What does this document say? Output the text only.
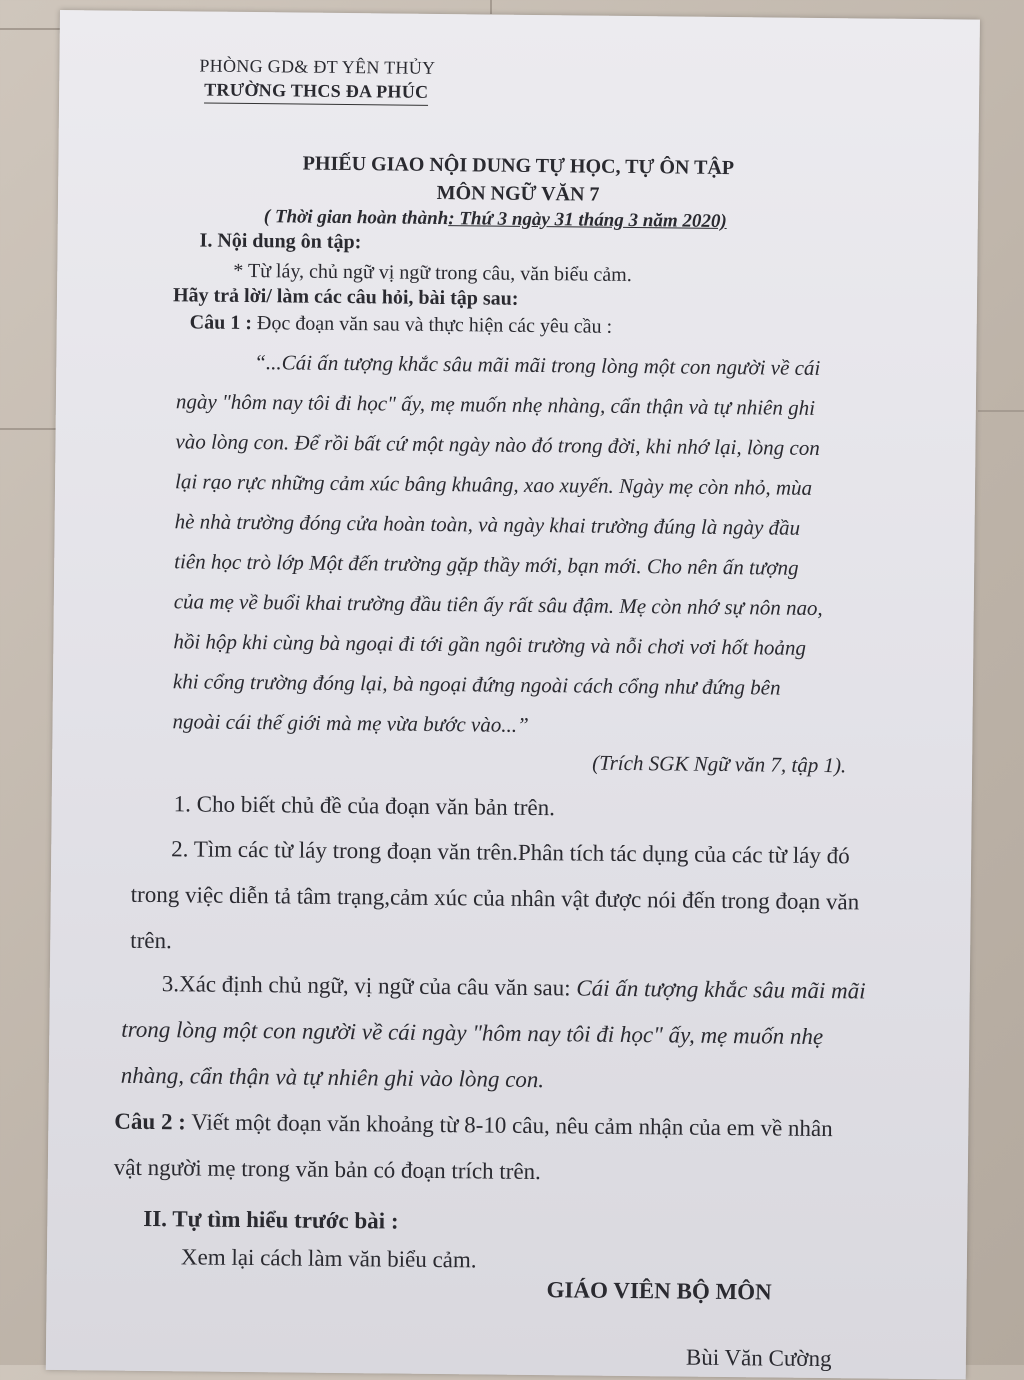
PHÒNG GD& ĐT YÊN THỦY
TRƯỜNG THCS ĐA PHÚC
PHIẾU GIAO NỘI DUNG TỰ HỌC, TỰ ÔN TẬP
MÔN NGỮ VĂN 7
( Thời gian hoàn thành: Thứ 3 ngày 31 tháng 3 năm 2020)
I. Nội dung ôn tập:
* Từ láy, chủ ngữ vị ngữ trong câu, văn biểu cảm.
Hãy trả lời/ làm các câu hỏi, bài tập sau:
Câu 1 : Đọc đoạn văn sau và thực hiện các yêu cầu :
“...Cái ấn tượng khắc sâu mãi mãi trong lòng một con người về cái
ngày "hôm nay tôi đi học" ấy, mẹ muốn nhẹ nhàng, cẩn thận và tự nhiên ghi
vào lòng con. Để rồi bất cứ một ngày nào đó trong đời, khi nhớ lại, lòng con
lại rạo rực những cảm xúc bâng khuâng, xao xuyến. Ngày mẹ còn nhỏ, mùa
hè nhà trường đóng cửa hoàn toàn, và ngày khai trường đúng là ngày đầu
tiên học trò lớp Một đến trường gặp thầy mới, bạn mới. Cho nên ấn tượng
của mẹ về buổi khai trường đầu tiên ấy rất sâu đậm. Mẹ còn nhớ sự nôn nao,
hồi hộp khi cùng bà ngoại đi tới gần ngôi trường và nỗi chơi vơi hốt hoảng
khi cổng trường đóng lại, bà ngoại đứng ngoài cách cổng như đứng bên
ngoài cái thế giới mà mẹ vừa bước vào...”
(Trích SGK Ngữ văn 7, tập 1).
1. Cho biết chủ đề của đoạn văn bản trên.
2. Tìm các từ láy trong đoạn văn trên.Phân tích tác dụng của các từ láy đó
trong việc diễn tả tâm trạng,cảm xúc của nhân vật được nói đến trong đoạn văn
trên.
3.Xác định chủ ngữ, vị ngữ của câu văn sau: Cái ấn tượng khắc sâu mãi mãi
trong lòng một con người về cái ngày "hôm nay tôi đi học" ấy, mẹ muốn nhẹ
nhàng, cẩn thận và tự nhiên ghi vào lòng con.
Câu 2 : Viết một đoạn văn khoảng từ 8-10 câu, nêu cảm nhận của em về nhân
vật người mẹ trong văn bản có đoạn trích trên.
II. Tự tìm hiểu trước bài :
Xem lại cách làm văn biểu cảm.
GIÁO VIÊN BỘ MÔN
Bùi Văn Cường
